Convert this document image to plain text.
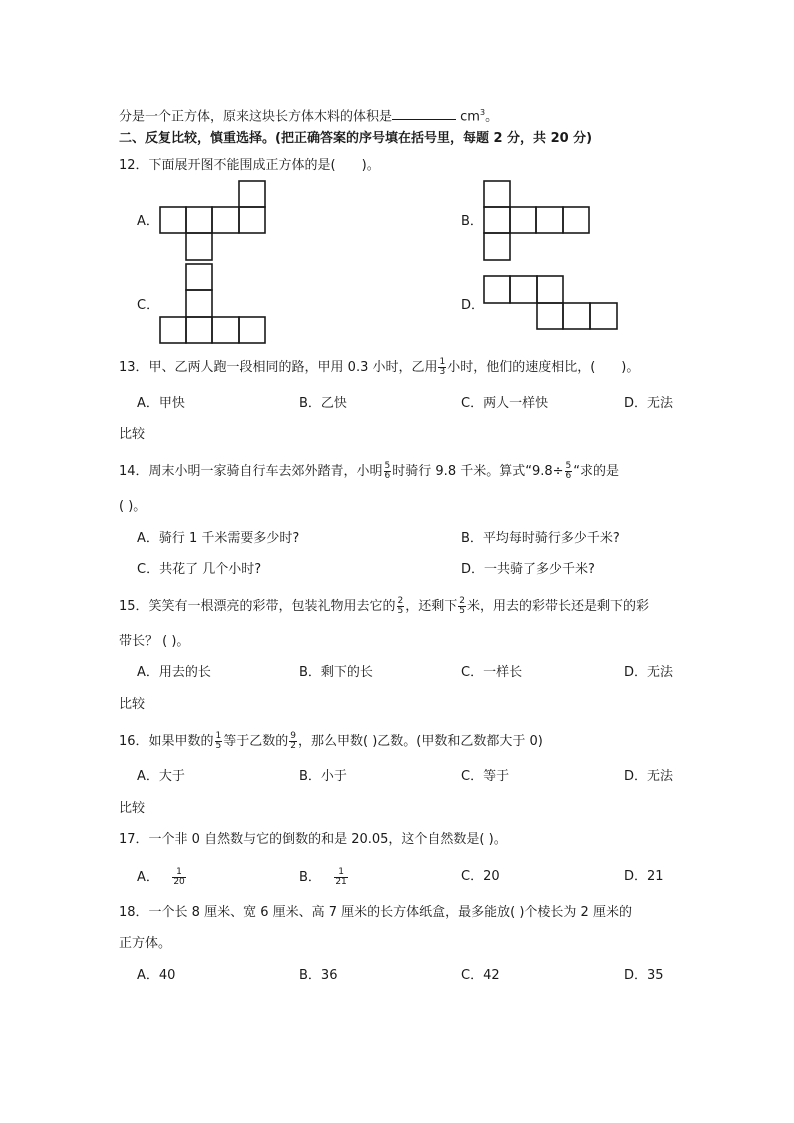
分是一个正方体，原来这块长方体木料的体积是	$cm^3$。
二、反复比较，慎重选择。(把正确答案的序号填在括号里，每题 2 分，共 20 分)
12．下面展开图不能围成正方体的是( )。
A．	B．
C．	D．
13．甲、乙两人跑一段相同的路，甲用 0.3 小时，乙用 $\frac{1}{3}$ 小时，他们的速度相比，( )。
A．甲快	B．乙快	C．两人一样快	D．无法
比较
14．周末小明一家骑自行车去郊外踏青，小明 $\frac{5}{6}$ 时骑行 9.8 千米。算式“$9.8\div \frac{5}{6}$ “求的是
( )。
A．骑行 1 千米需要多少时?	B．平均每时骑行多少千米?
C．共花了 几个小时?	D．一共骑了多少千米?
15．笑笑有一根漂亮的彩带，包装礼物用去它的 $\frac{2}{5}$ ，还剩下 $\frac{2}{5}$ 米，用去的彩带长还是剩下的彩
带长？ ( )。
A．用去的长	B．剩下的长	C．一样长	D．无法
比较
16．如果甲数的 $\frac{1}{5}$ 等于乙数的 $\frac{9}{2}$ ，那么甲数( )乙数。(甲数和乙数都大于 0)
A．大于	B．小于	C．等于	D．无法
比较
17．一个非 0 自然数与它的倒数的和是 20.05，这个自然数是( )。
A． $\frac{1}{20}$	B． $\frac{1}{21}$	C．20	D．21
18．一个长 8 厘米、宽 6 厘米、高 7 厘米的长方体纸盒，最多能放( )个棱长为 2 厘米的
正方体。
A．40	B．36	C．42	D．35
